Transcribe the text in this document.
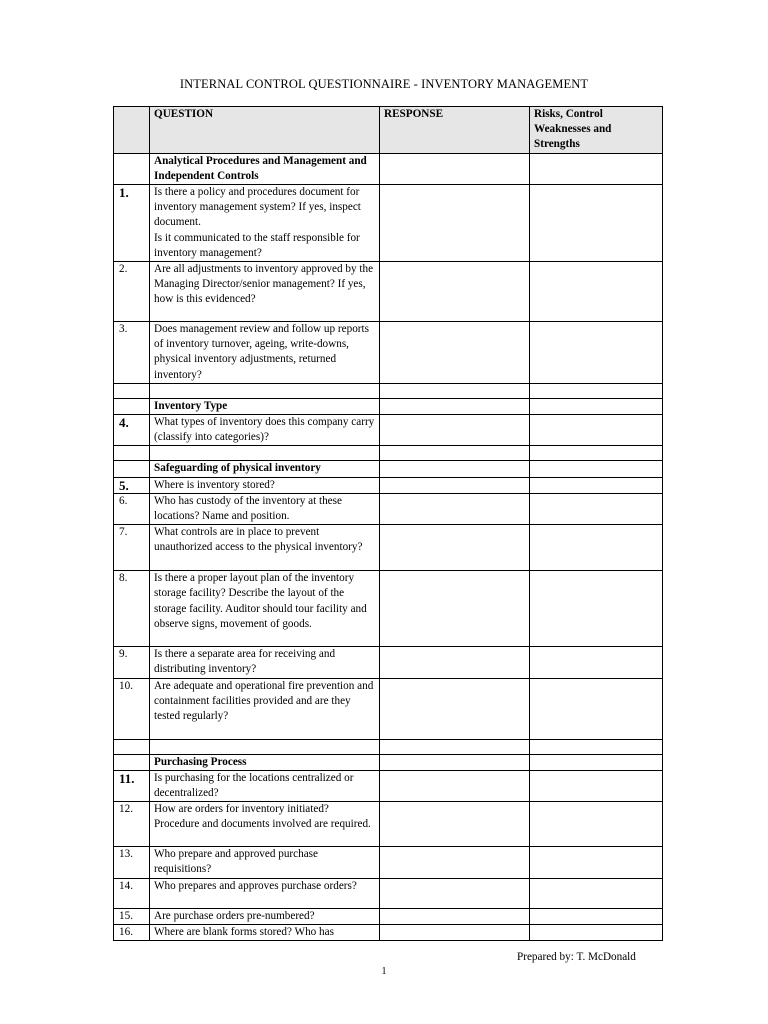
INTERNAL CONTROL QUESTIONNAIRE - INVENTORY MANAGEMENT
	QUESTION	RESPONSE	Risks, Control Weaknesses and Strengths
	Analytical Procedures and Management and Independent Controls		
1.	Is there a policy and procedures document for inventory management system? If yes, inspect document.
Is it communicated to the staff responsible for inventory management?		
2.	Are all adjustments to inventory approved by the Managing Director/senior management? If yes, how is this evidenced?		
3.	Does management review and follow up reports of inventory turnover, ageing, write-downs, physical inventory adjustments, returned inventory?		

	Inventory Type		
4.	What types of inventory does this company carry (classify into categories)?		

	Safeguarding of physical inventory		
5.	Where is inventory stored?		
6.	Who has custody of the inventory at these locations? Name and position.		
7.	What controls are in place to prevent unauthorized access to the physical inventory?		
8.	Is there a proper layout plan of the inventory storage facility? Describe the layout of the storage facility. Auditor should tour facility and observe signs, movement of goods.		
9.	Is there a separate area for receiving and distributing inventory?		
10.	Are adequate and operational fire prevention and containment facilities provided and are they tested regularly?		

	Purchasing Process		
11.	Is purchasing for the locations centralized or decentralized?		
12.	How are orders for inventory initiated? Procedure and documents involved are required.		
13.	Who prepare and approved purchase requisitions?		
14.	Who prepares and approves purchase orders?		
15.	Are purchase orders pre-numbered?		
16.	Where are blank forms stored? Who has		
Prepared by: T. McDonald
1
